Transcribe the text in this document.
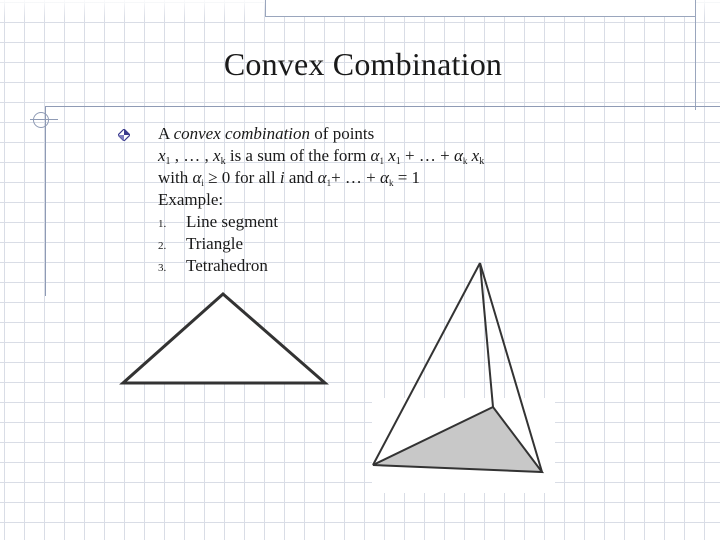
Convex Combination
A convex combination of points
$x_1$ , … , $x_k$ is a sum of the form α1 $x_1$ + … + αk $x_k$
with αi ≥ 0 for all i and α1+ … + αk = 1
Example:
1. Line segment
2. Triangle
3. Tetrahedron
